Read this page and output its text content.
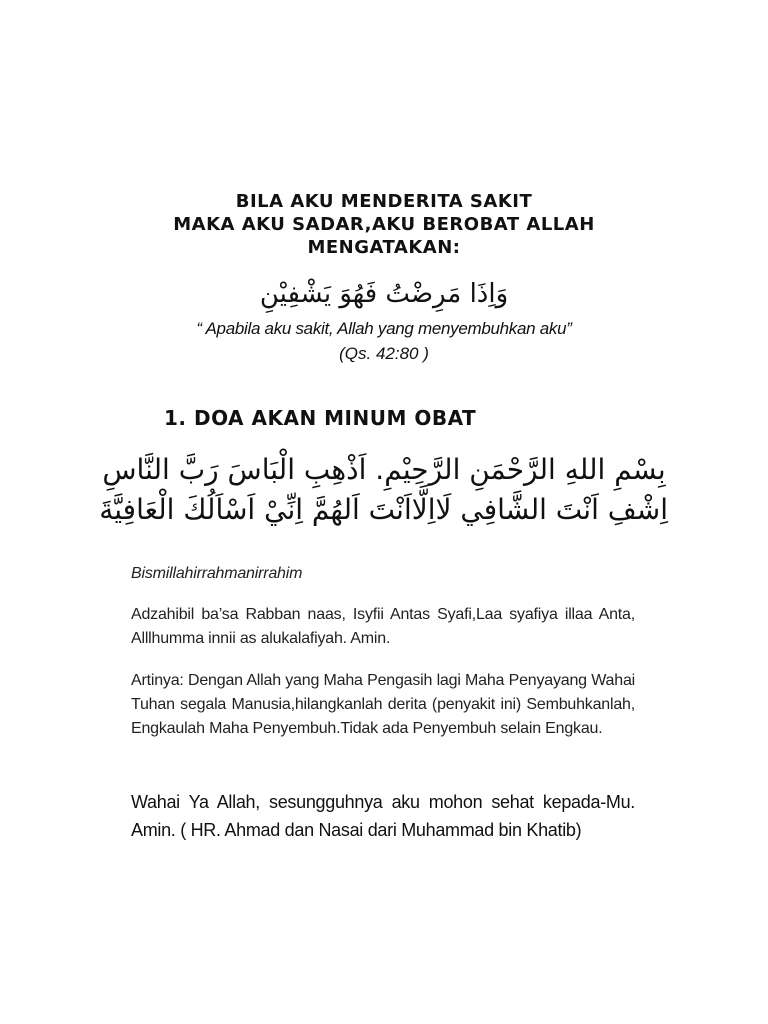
BILA AKU MENDERITA SAKIT
MAKA AKU SADAR,AKU BEROBAT ALLAH
MENGATAKAN:
وَاِذَا مَرِضْتُ فَهُوَ يَشْفِيْنِ
“ Apabila aku sakit, Allah yang menyembuhkan aku”
(Qs. 42:80 )
1. DOA AKAN MINUM OBAT
بِسْمِ اللهِ الرَّحْمَنِ الرَّحِيْمِ. اَذْهِبِ الْبَاسَ رَبَّ النَّاسِ
اِشْفِ اَنْتَ الشَّافِي لَااِلَّااَنْتَ اَلهُمَّ اِنِّيْ اَسْاَلُكَ الْعَافِيَّةَ
Bismillahirrahmanirrahim
Adzahibil ba’sa Rabban naas, Isyfii Antas Syafi,Laa syafiya illaa Anta, Alllhumma innii as alukalafiyah. Amin.
Artinya: Dengan Allah yang Maha Pengasih lagi Maha Penyayang Wahai Tuhan segala Manusia,hilangkanlah derita (penyakit ini) Sembuhkanlah, Engkaulah Maha Penyembuh.Tidak ada Penyembuh selain Engkau.
Wahai Ya Allah, sesungguhnya aku mohon sehat kepada-Mu. Amin. ( HR. Ahmad dan Nasai dari Muhammad bin Khatib)
